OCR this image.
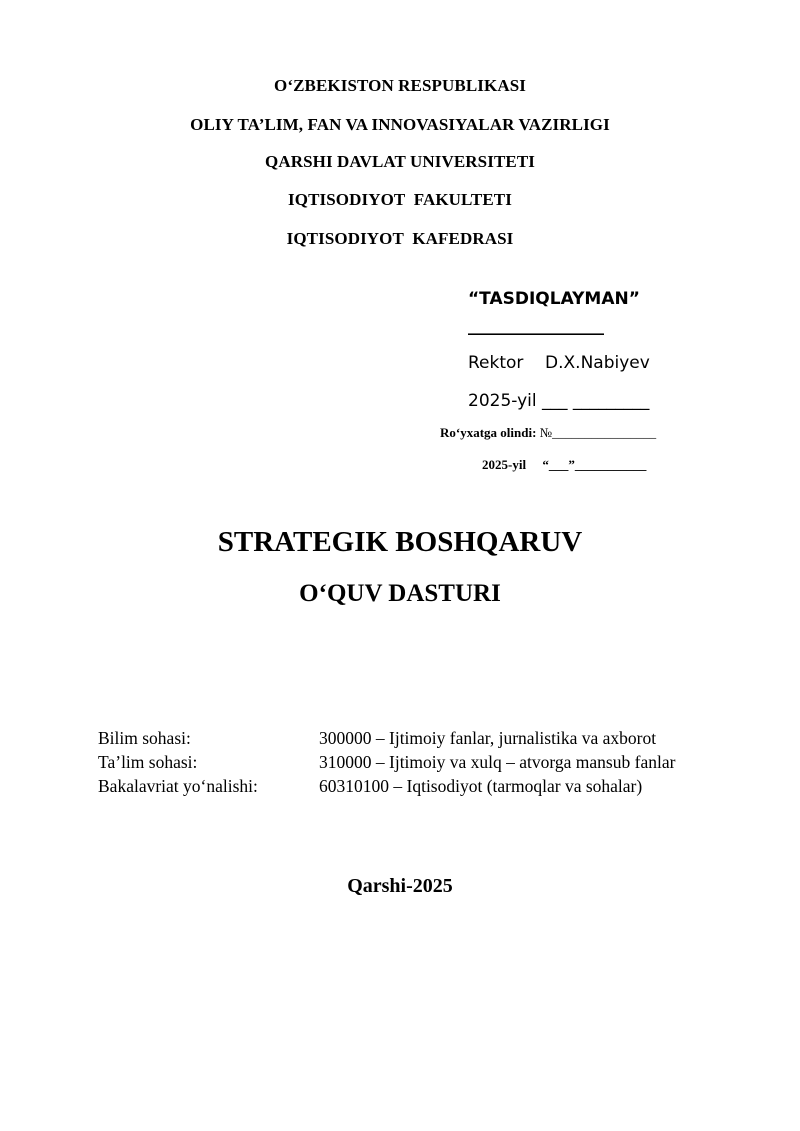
O‘ZBEKISTON RESPUBLIKASI
OLIY TA’LIM, FAN VA INNOVASIYALAR VAZIRLIGI
QARSHI DAVLAT UNIVERSITETI
IQTISODIYOT  FAKULTETI
IQTISODIYOT  KAFEDRASI
“TASDIQLAYMAN”
________________
Rektor D.X.Nabiyev
2025-yil ___ _________
Ro‘yxatga olindi: №________________
2025-yil “___”___________
STRATEGIK BOSHQARUV
O‘QUV DASTURI
Bilim sohasi:	300000 – Ijtimoiy fanlar, jurnalistika va axborot
Ta’lim sohasi:	310000 – Ijtimoiy va xulq – atvorga mansub fanlar
Bakalavriat yo‘nalishi:	60310100 – Iqtisodiyot (tarmoqlar va sohalar)
Qarshi-2025
